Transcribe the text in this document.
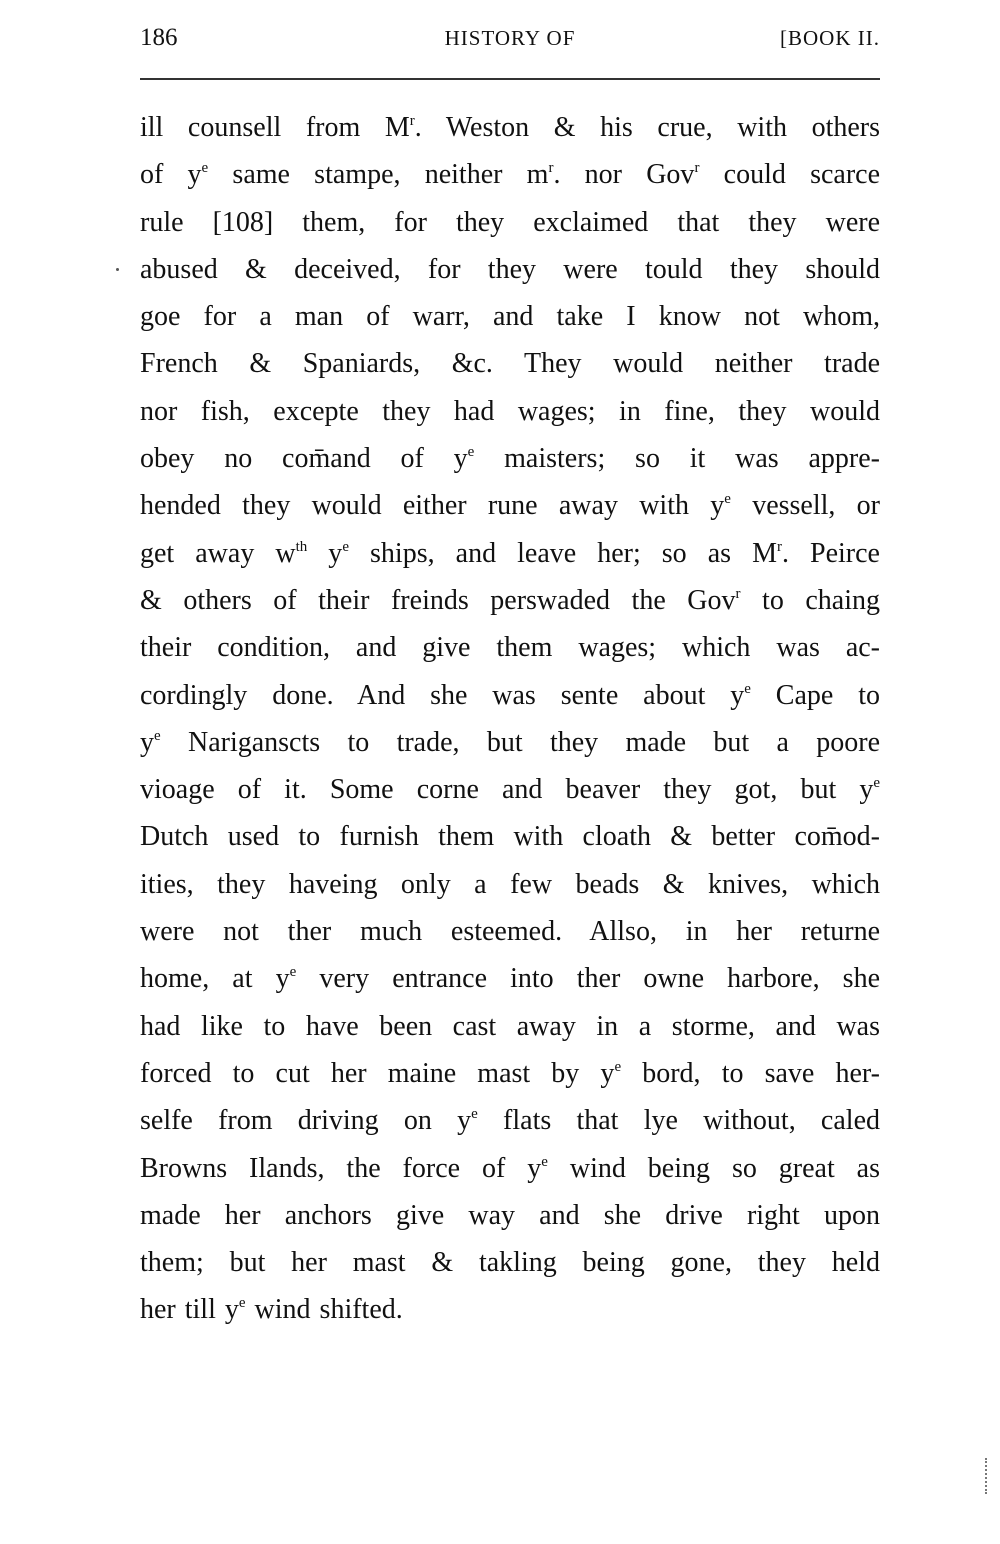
186	HISTORY OF	[BOOK II.
ill counsell from $M^r$. Weston & his crue, with others
of $y^e$ same stampe, neither $m^r$. nor Gov$^r$ could scarce
rule [108] them, for they exclaimed that they were
abused & deceived, for they were tould they should
goe for a man of warr, and take I know not whom,
French & Spaniards, &c. They would neither trade
nor fish, excepte they had wages; in fine, they would
obey no com̄and of $y^e$ maisters; so it was appre-
hended they would either rune away with $y^e$ vessell, or
get away $w^{th}$ $y^e$ ships, and leave her; so as $M^r$. Peirce
& others of their freinds perswaded the Gov$^r$ to chaing
their condition, and give them wages; which was ac-
cordingly done. And she was sente about $y^e$ Cape to
$y^e$ Nariganscts to trade, but they made but a poore
vioage of it. Some corne and beaver they got, but $y^e$
Dutch used to furnish them with cloath & better com̄od-
ities, they haveing only a few beads & knives, which
were not ther much esteemed. Allso, in her returne
home, at $y^e$ very entrance into ther owne harbore, she
had like to have been cast away in a storme, and was
forced to cut her maine mast by $y^e$ bord, to save her-
selfe from driving on $y^e$ flats that lye without, caled
Browns Ilands, the force of $y^e$ wind being so great as
made her anchors give way and she drive right upon
them; but her mast & takling being gone, they held
her till $y^e$ wind shifted.
